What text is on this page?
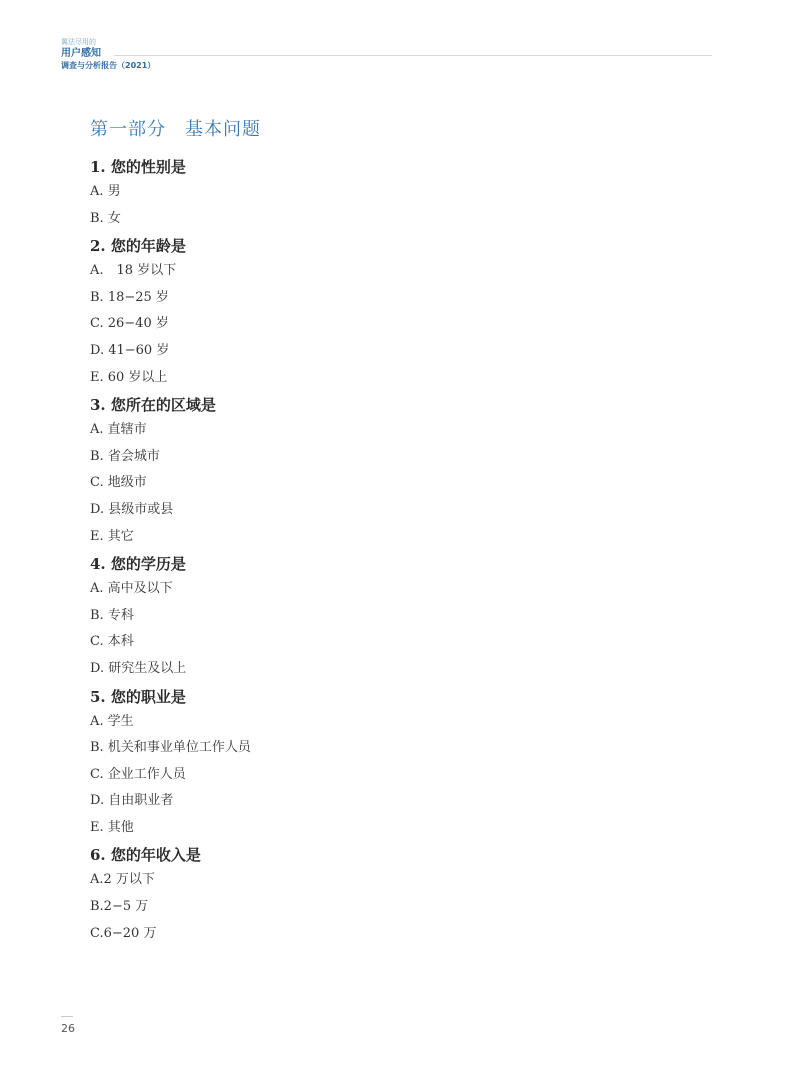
翼法尽用的
用户感知
调查与分析报告（2021）
第一部分　基本问题
1. 您的性别是
A. 男
B. 女
2. 您的年龄是
A.　18 岁以下
B. 18−25 岁
C. 26−40 岁
D. 41−60 岁
E. 60 岁以上
3. 您所在的区域是
A. 直辖市
B. 省会城市
C. 地级市
D. 县级市或县
E. 其它
4. 您的学历是
A. 高中及以下
B. 专科
C. 本科
D. 研究生及以上
5. 您的职业是
A. 学生
B. 机关和事业单位工作人员
C. 企业工作人员
D. 自由职业者
E. 其他
6. 您的年收入是
A.2 万以下
B.2−5 万
C.6−20 万
26
